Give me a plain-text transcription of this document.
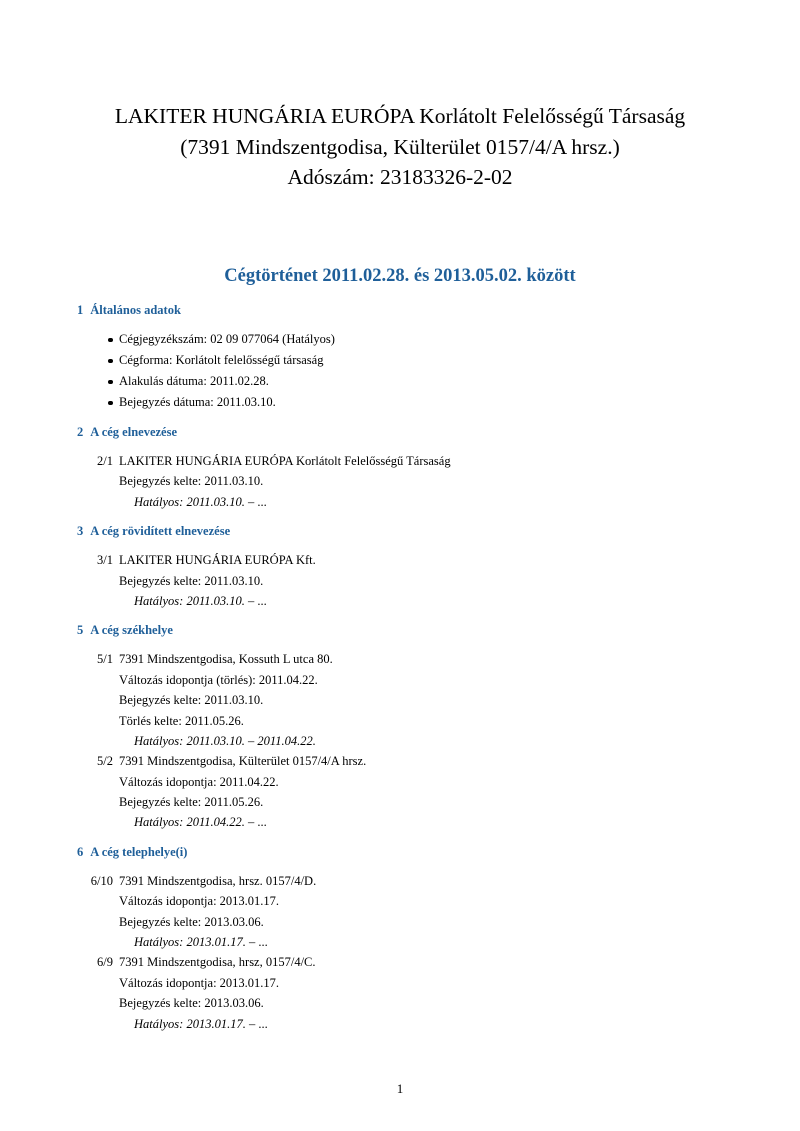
LAKITER HUNGÁRIA EURÓPA Korlátolt Felelősségű Társaság
(7391 Mindszentgodisa, Külterület 0157/4/A hrsz.)
Adószám: 23183326-2-02
Cégtörténet 2011.02.28. és 2013.05.02. között
1 Általános adatok
Cégjegyzékszám: 02 09 077064 (Hatályos)
Cégforma: Korlátolt felelősségű társaság
Alakulás dátuma: 2011.02.28.
Bejegyzés dátuma: 2011.03.10.
2 A cég elnevezése
2/1 LAKITER HUNGÁRIA EURÓPA Korlátolt Felelősségű Társaság
Bejegyzés kelte: 2011.03.10.
Hatályos: 2011.03.10. – ...
3 A cég rövidített elnevezése
3/1 LAKITER HUNGÁRIA EURÓPA Kft.
Bejegyzés kelte: 2011.03.10.
Hatályos: 2011.03.10. – ...
5 A cég székhelye
5/1 7391 Mindszentgodisa, Kossuth L utca 80.
Változás idopontja (törlés): 2011.04.22.
Bejegyzés kelte: 2011.03.10.
Törlés kelte: 2011.05.26.
Hatályos: 2011.03.10. – 2011.04.22.
5/2 7391 Mindszentgodisa, Külterület 0157/4/A hrsz.
Változás idopontja: 2011.04.22.
Bejegyzés kelte: 2011.05.26.
Hatályos: 2011.04.22. – ...
6 A cég telephelye(i)
6/10 7391 Mindszentgodisa, hrsz. 0157/4/D.
Változás idopontja: 2013.01.17.
Bejegyzés kelte: 2013.03.06.
Hatályos: 2013.01.17. – ...
6/9 7391 Mindszentgodisa, hrsz, 0157/4/C.
Változás idopontja: 2013.01.17.
Bejegyzés kelte: 2013.03.06.
Hatályos: 2013.01.17. – ...
1
